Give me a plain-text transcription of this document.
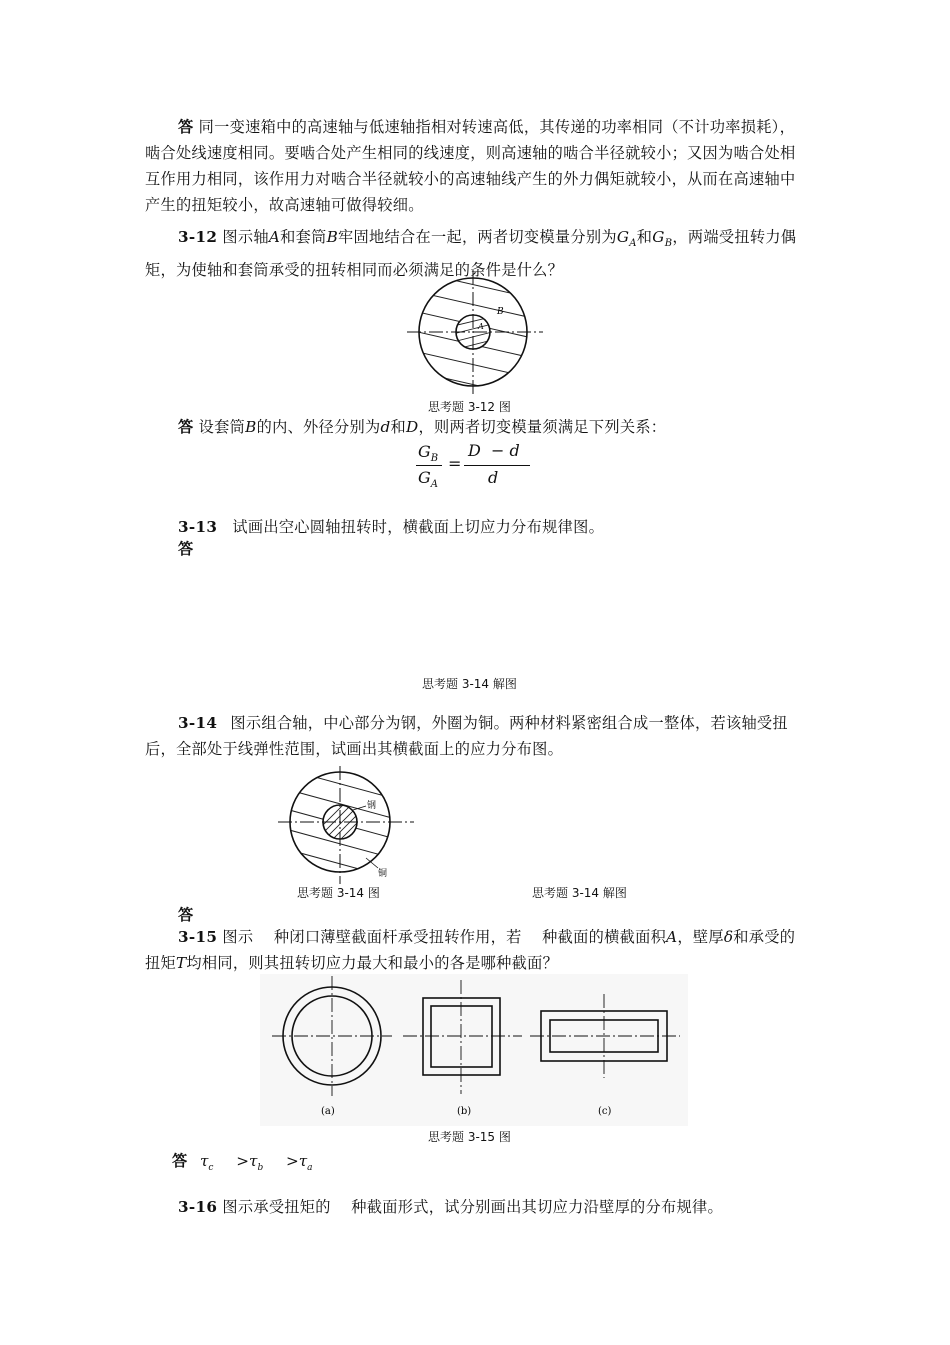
答 同一变速箱中的高速轴与低速轴指相对转速高低，其传递的功率相同（不计功率损耗），啮合处线速度相同。要啮合处产生相同的线速度，则高速轴的啮合半径就较小；又因为啮合处相互作用力相同，该作用力对啮合半径就较小的高速轴线产生的外力偶矩就较小，从而在高速轴中产生的扭矩较小，故高速轴可做得较细。
3-12 图示轴A和套筒B牢固地结合在一起，两者切变模量分别为$G_A$和$G_B$，两端受扭转力偶矩，为使轴和套筒承受的扭转相同而必须满足的条件是什么？
B
A
思考题 3-12 图
答 设套筒B的内、外径分别为d和D，则两者切变模量须满足下列关系：
$G_B$
$G_A$
=
D  − d
d
3-13 试画出空心圆轴扭转时，横截面上切应力分布规律图。
答
思考题 3-14 解图
3-14 图示组合轴，中心部分为钢，外圈为铜。两种材料紧密组合成一整体，若该轴受扭后，全部处于线弹性范围，试画出其横截面上的应力分布图。
钢
铜
思考题 3-14 图	思考题 3-14 解图
答
3-15 图示    种闭口薄壁截面杆承受扭转作用，若    种截面的横截面积A，壁厚δ和承受的扭矩T均相同，则其扭转切应力最大和最小的各是哪种截面？
(a)	(b)	(c)
思考题 3-15 图
答 $\tau_c >\tau_b >\tau_a$
3-16 图示承受扭矩的    种截面形式，试分别画出其切应力沿壁厚的分布规律。
